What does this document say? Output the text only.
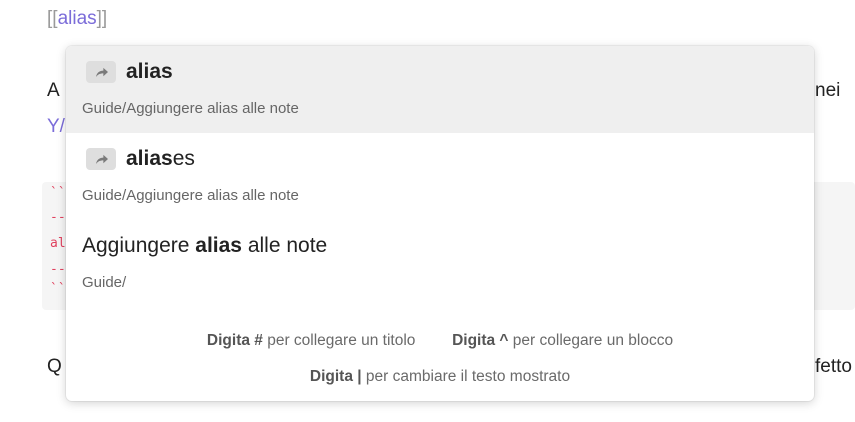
[[alias]]
A	nei
Y/
``
--
al
--
``
Q	fetto
alias
Guide/Aggiungere alias alle note
alias es
Guide/Aggiungere alias alle note
Aggiungere alias alle note
Guide/
Digita # per collegare un titolo Digita ^ per collegare un blocco
Digita | per cambiare il testo mostrato
